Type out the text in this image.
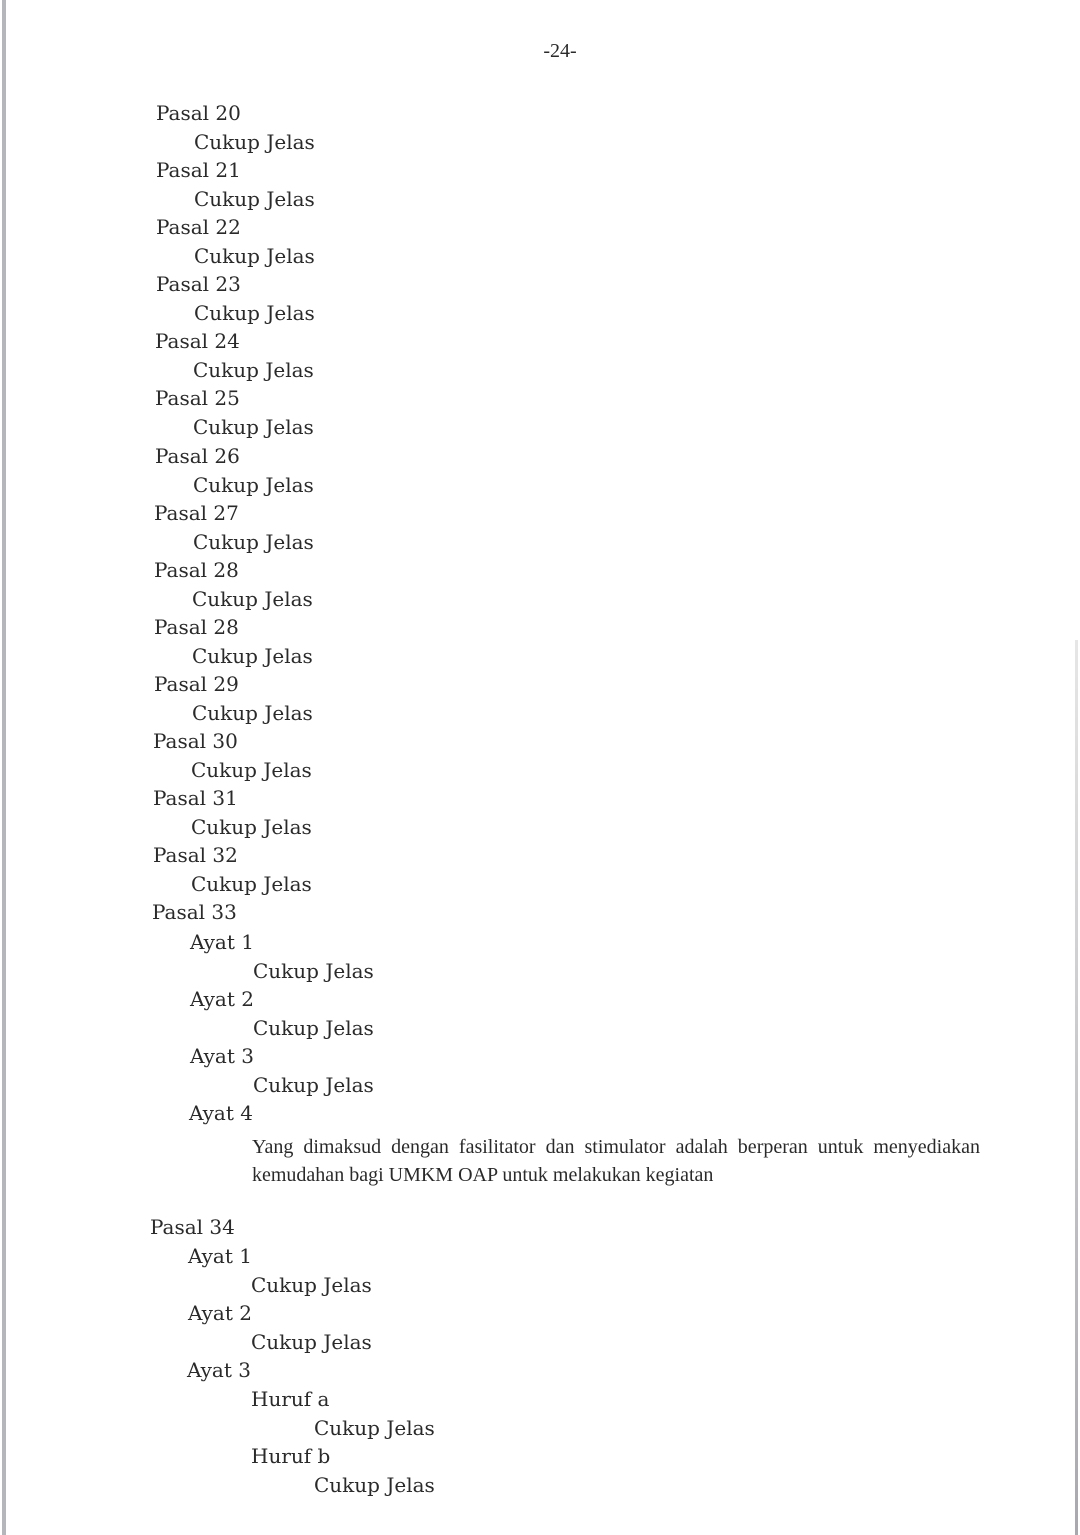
-24-
Pasal 20
Cukup Jelas
Pasal 21
Cukup Jelas
Pasal 22
Cukup Jelas
Pasal 23
Cukup Jelas
Pasal 24
Cukup Jelas
Pasal 25
Cukup Jelas
Pasal 26
Cukup Jelas
Pasal 27
Cukup Jelas
Pasal 28
Cukup Jelas
Pasal 28
Cukup Jelas
Pasal 29
Cukup Jelas
Pasal 30
Cukup Jelas
Pasal 31
Cukup Jelas
Pasal 32
Cukup Jelas
Pasal 33
Ayat 1
Cukup Jelas
Ayat 2
Cukup Jelas
Ayat 3
Cukup Jelas
Ayat 4
Yang dimaksud dengan fasilitator dan stimulator adalah berperan untuk menyediakan kemudahan bagi UMKM OAP untuk melakukan kegiatan
Pasal 34
Ayat 1
Cukup Jelas
Ayat 2
Cukup Jelas
Ayat 3
Huruf a
Cukup Jelas
Huruf b
Cukup Jelas
